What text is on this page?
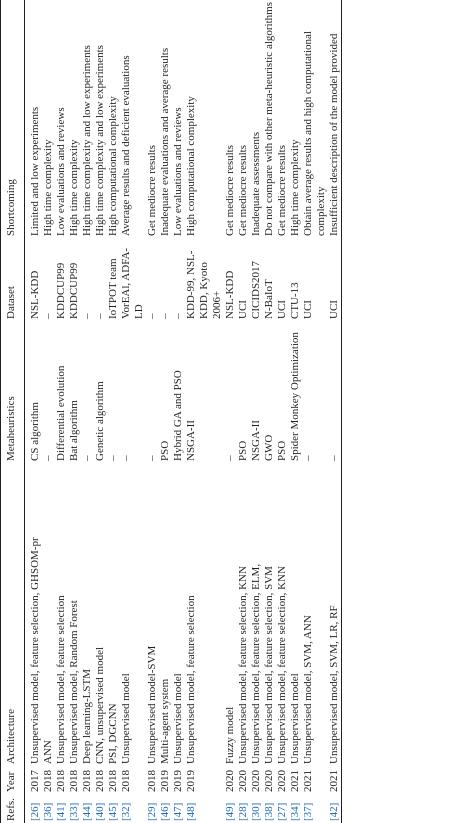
Refs.	Year	Architecture	Metaheuristics	Dataset	Shortcoming
[26]	2017	Unsupervised model, feature selection, GHSOM-pr	CS algorithm	NSL-KDD	Limited and low experiments
[36]	2018	ANN	–	–	High time complexity
[41]	2018	Unsupervised model, feature selection	Differential evolution	KDDCUP99	Low evaluations and reviews
[33]	2018	Unsupervised model, Random Forest	Bat algorithm	KDDCUP99	High time complexity
[44]	2018	Deep learning-LSTM	–	–	High time complexity and low experiments
[40]	2018	CNN, unsupervised model	Genetic algorithm	–	High time complexity and low experiments
[45]	2018	PSI, DGCNN	–	IoTPOT team	High computational complexity
[32]	2018	Unsupervised model	–	VorEAl, ADFA-LD	Average results and deficient evaluations
[29]	2018	Unsupervised model-SVM	–	–	Get mediocre results
[46]	2019	Multi-agent system	PSO	–	Inadequate evaluations and average results
[47]	2019	Unsupervised model	Hybrid GA and PSO	–	Low evaluations and reviews
[48]	2019	Unsupervised model, feature selection	NSGA-II	KDD-99, NSL-KDD, Kyoto 2006+	High computational complexity
[49]	2020	Fuzzy model	–	NSL-KDD	Get mediocre results
[28]	2020	Unsupervised model, feature selection, KNN	PSO	UCI	Get mediocre results
[30]	2020	Unsupervised model, feature selection, ELM,	NSGA-II	CICIDS2017	Inadequate assessments
[38]	2020	Unsupervised model, feature selection, SVM	GWO	N-BaIoT	Do not compare with other meta-heuristic algorithms
[27]	2020	Unsupervised model, feature selection, KNN	PSO	UCI	Get mediocre results
[34]	2021	Unsupervised model	Spider Monkey Optimization	CTU-13	High time complexity
[37]	2021	Unsupervised model, SVM, ANN	–	UCI	Obtain average results and high computational complexity
[42]	2021	Unsupervised model, SVM, LR, RF	–	UCI	Insufficient description of the model provided
